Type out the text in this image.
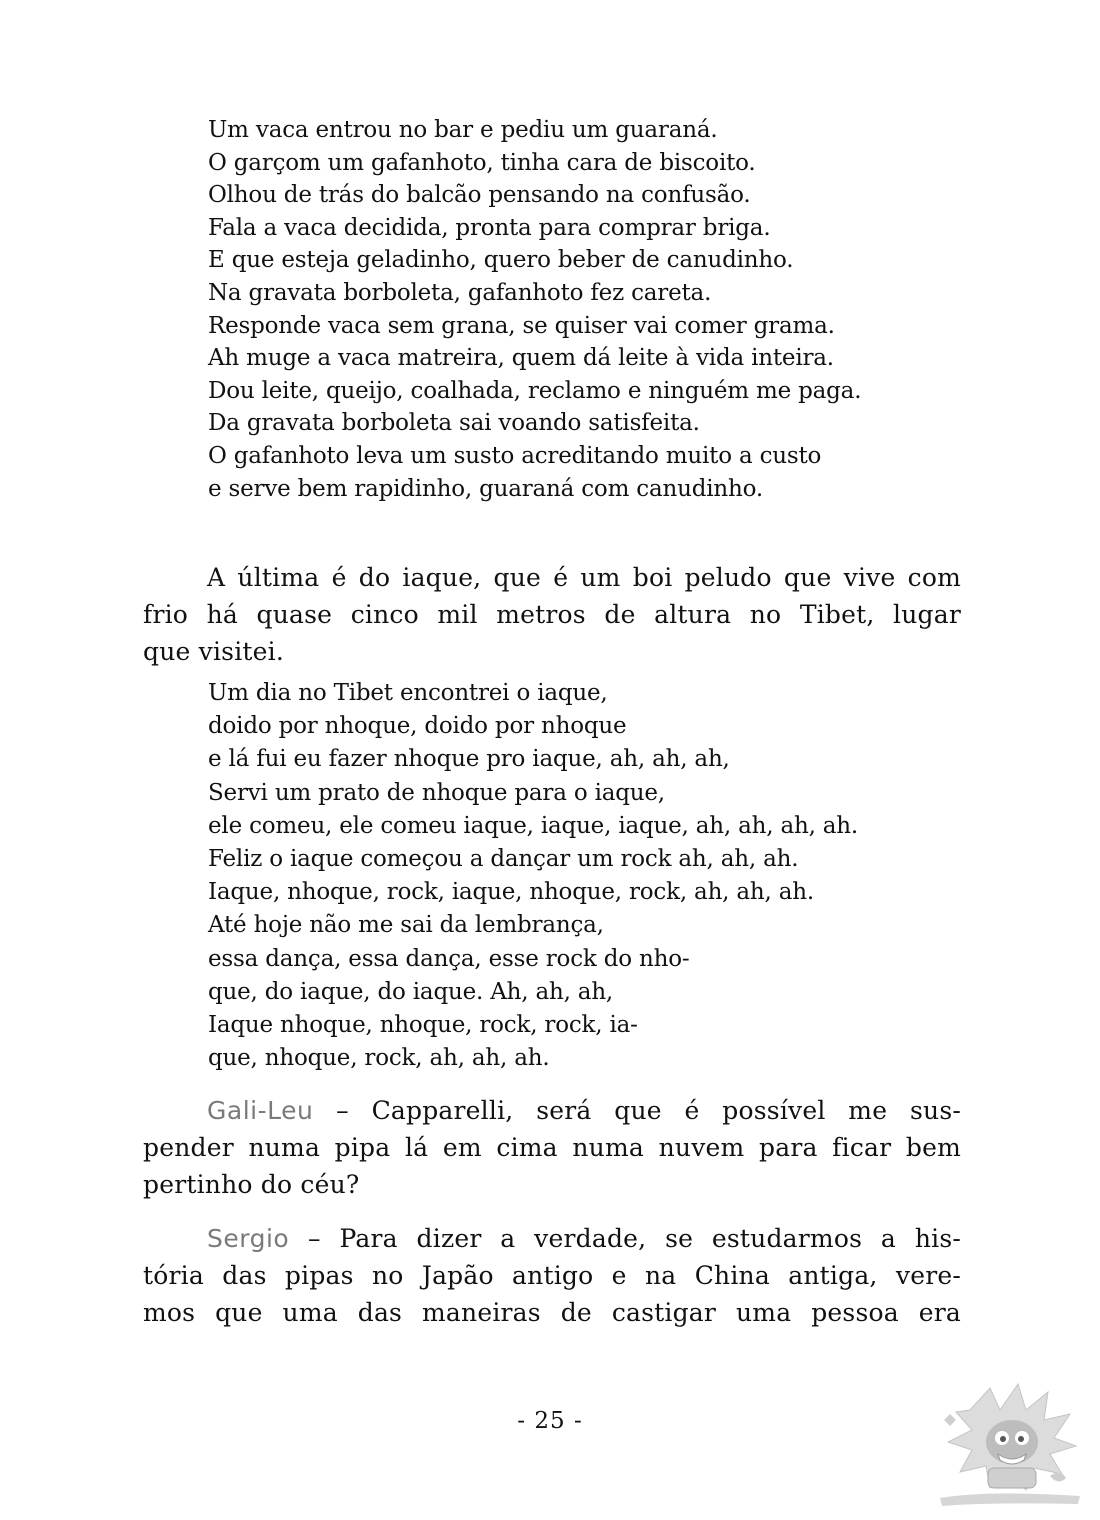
Um vaca entrou no bar e pediu um guaraná.
O garçom um gafanhoto, tinha cara de biscoito.
Olhou de trás do balcão pensando na confusão.
Fala a vaca decidida, pronta para comprar briga.
E que esteja geladinho, quero beber de canudinho.
Na gravata borboleta, gafanhoto fez careta.
Responde vaca sem grana, se quiser vai comer grama.
Ah muge a vaca matreira, quem dá leite à vida inteira.
Dou leite, queijo, coalhada, reclamo e ninguém me paga.
Da gravata borboleta sai voando satisfeita.
O gafanhoto leva um susto acreditando muito a custo
e serve bem rapidinho, guaraná com canudinho.

A última é do iaque, que é um boi peludo que vive com
frio há quase cinco mil metros de altura no Tibet, lugar
que visitei.

Um dia no Tibet encontrei o iaque,
doido por nhoque, doido por nhoque
e lá fui eu fazer nhoque pro iaque, ah, ah, ah,
Servi um prato de nhoque para o iaque,
ele comeu, ele comeu iaque, iaque, iaque, ah, ah, ah, ah.
Feliz o iaque começou a dançar um rock ah, ah, ah.
Iaque, nhoque, rock, iaque, nhoque, rock, ah, ah, ah.
Até hoje não me sai da lembrança,
essa dança, essa dança, esse rock do nho-
que, do iaque, do iaque. Ah, ah, ah,
Iaque nhoque, nhoque, rock, rock, ia-
que, nhoque, rock, ah, ah, ah.

Gali-Leu – Capparelli, será que é possível me sus-
pender numa pipa lá em cima numa nuvem para ficar bem
pertinho do céu?

Sergio – Para dizer a verdade, se estudarmos a his-
tória das pipas no Japão antigo e na China antiga, vere-
mos que uma das maneiras de castigar uma pessoa era

- 25 -
